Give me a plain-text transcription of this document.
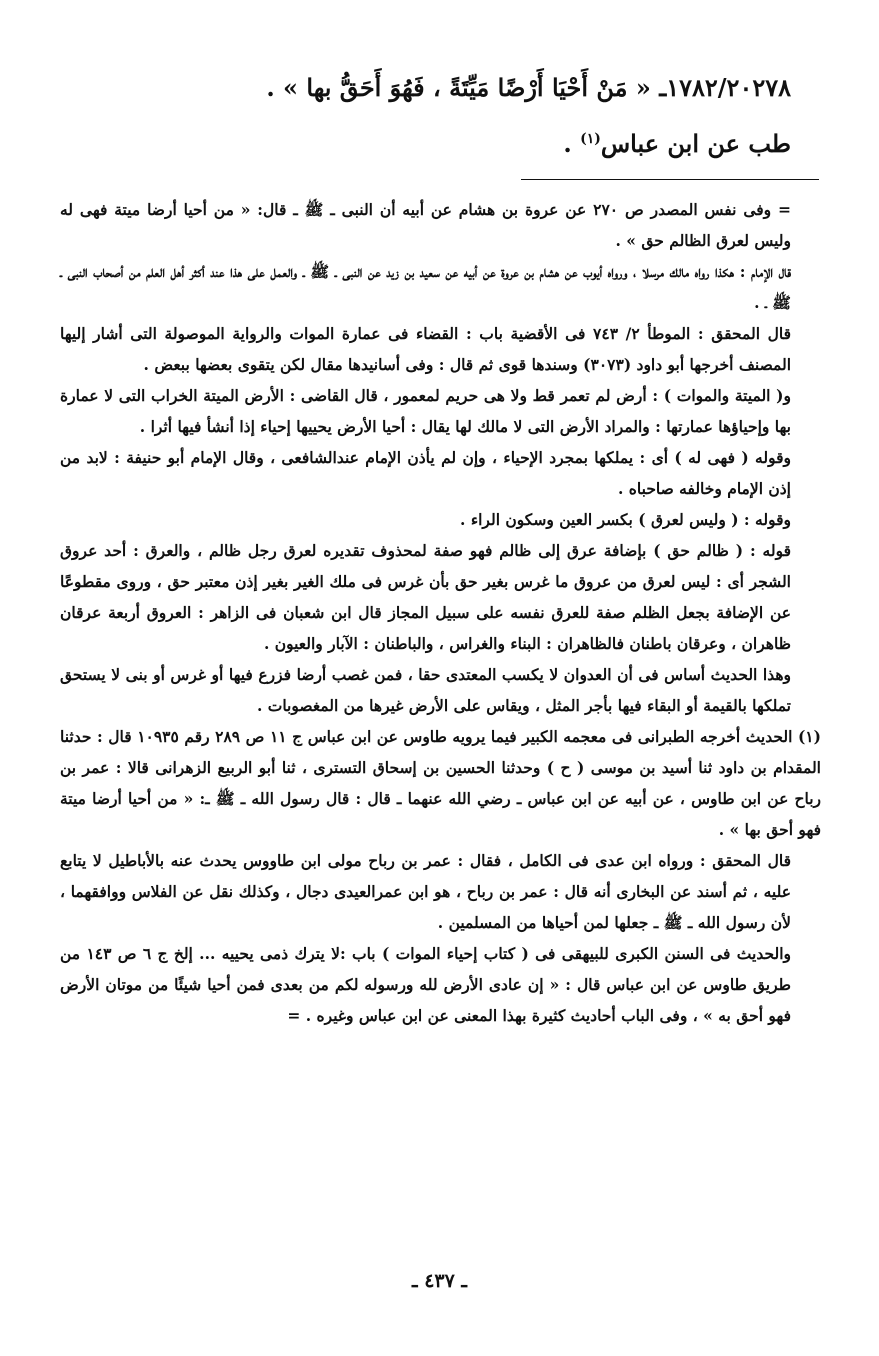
١٧٨٢/٢٠٢٧٨ـ « مَنْ أَحْيَا أَرْضًا مَيِّتَةً ، فَهُوَ أَحَقُّ بها » .

طب عن ابن عباس$^{(١)}$ .

= وفى نفس المصدر ص ٢٧٠ عن عروة بن هشام عن أبيه أن النبى ـ ﷺ ـ قال: « من أحيا أرضا ميتة فهى له وليس لعرق الظالم حق » .

قال الإمام : هكذا رواه مالك مرسلا ، ورواه أيوب عن هشام بن عروة عن أبيه عن سعيد بن زيد عن النبى ـ ﷺ ـ والعمل على هذا عند أكثر أهل العلم من أصحاب النبى ـ ﷺ ـ .

قال المحقق : الموطأ ٢/ ٧٤٣ فى الأقضية باب : القضاء فى عمارة الموات والرواية الموصولة التى أشار إليها المصنف أخرجها أبو داود (٣٠٧٣) وسندها قوى ثم قال : وفى أسانيدها مقال لكن يتقوى بعضها ببعض .

و( الميتة والموات ) : أرض لم تعمر قط ولا هى حريم لمعمور ، قال القاضى : الأرض الميتة الخراب التى لا عمارة بها وإحياؤها عمارتها : والمراد الأرض التى لا مالك لها يقال : أحيا الأرض يحييها إحياء إذا أنشأ فيها أثرا .

وقوله ( فهى له ) أى : يملكها بمجرد الإحياء ، وإن لم يأذن الإمام عندالشافعى ، وقال الإمام أبو حنيفة : لابد من إذن الإمام وخالفه صاحباه .

وقوله : ( وليس لعرق ) بكسر العين وسكون الراء .

قوله : ( ظالم حق ) بإضافة عرق إلى ظالم فهو صفة لمحذوف تقديره لعرق رجل ظالم ، والعرق : أحد عروق الشجر أى : ليس لعرق من عروق ما غرس بغير حق بأن غرس فى ملك الغير بغير إذن معتبر حق ، وروى مقطوعًا عن الإضافة بجعل الظلم صفة للعرق نفسه على سبيل المجاز قال ابن شعبان فى الزاهر : العروق أربعة عرقان ظاهران ، وعرقان باطنان فالظاهران : البناء والغراس ، والباطنان : الآبار والعيون .

وهذا الحديث أساس فى أن العدوان لا يكسب المعتدى حقا ، فمن غصب أرضا فزرع فيها أو غرس أو بنى لا يستحق تملكها بالقيمة أو البقاء فيها بأجر المثل ، ويقاس على الأرض غيرها من المغصوبات .

(١) الحديث أخرجه الطبرانى فى معجمه الكبير فيما يرويه طاوس عن ابن عباس ج ١١ ص ٢٨٩ رقم ١٠٩٣٥ قال : حدثنا المقدام بن داود ثنا أسيد بن موسى ( ح ) وحدثنا الحسين بن إسحاق التسترى ، ثنا أبو الربيع الزهرانى قالا : عمر بن رباح عن ابن طاوس ، عن أبيه عن ابن عباس ـ رضي الله عنهما ـ قال : قال رسول الله ـ ﷺ ـ: « من أحيا أرضا ميتة فهو أحق بها » .

قال المحقق : ورواه ابن عدى فى الكامل ، فقال : عمر بن رباح مولى ابن طاووس يحدث عنه بالأباطيل لا يتابع عليه ، ثم أسند عن البخارى أنه قال : عمر بن رباح ، هو ابن عمرالعيدى دجال ، وكذلك نقل عن الفلاس ووافقهما ، لأن رسول الله ـ ﷺ ـ جعلها لمن أحياها من المسلمين .

والحديث فى السنن الكبرى للبيهقى فى ( كتاب إحياء الموات ) باب :لا يترك ذمى يحييه ... إلخ ج ٦ ص ١٤٣ من طريق طاوس عن ابن عباس قال : « إن عادى الأرض لله ورسوله لكم من بعدى فمن أحيا شيئًا من موتان الأرض فهو أحق به » ، وفى الباب أحاديث كثيرة بهذا المعنى عن ابن عباس وغيره . =

ـ ٤٣٧ ـ
